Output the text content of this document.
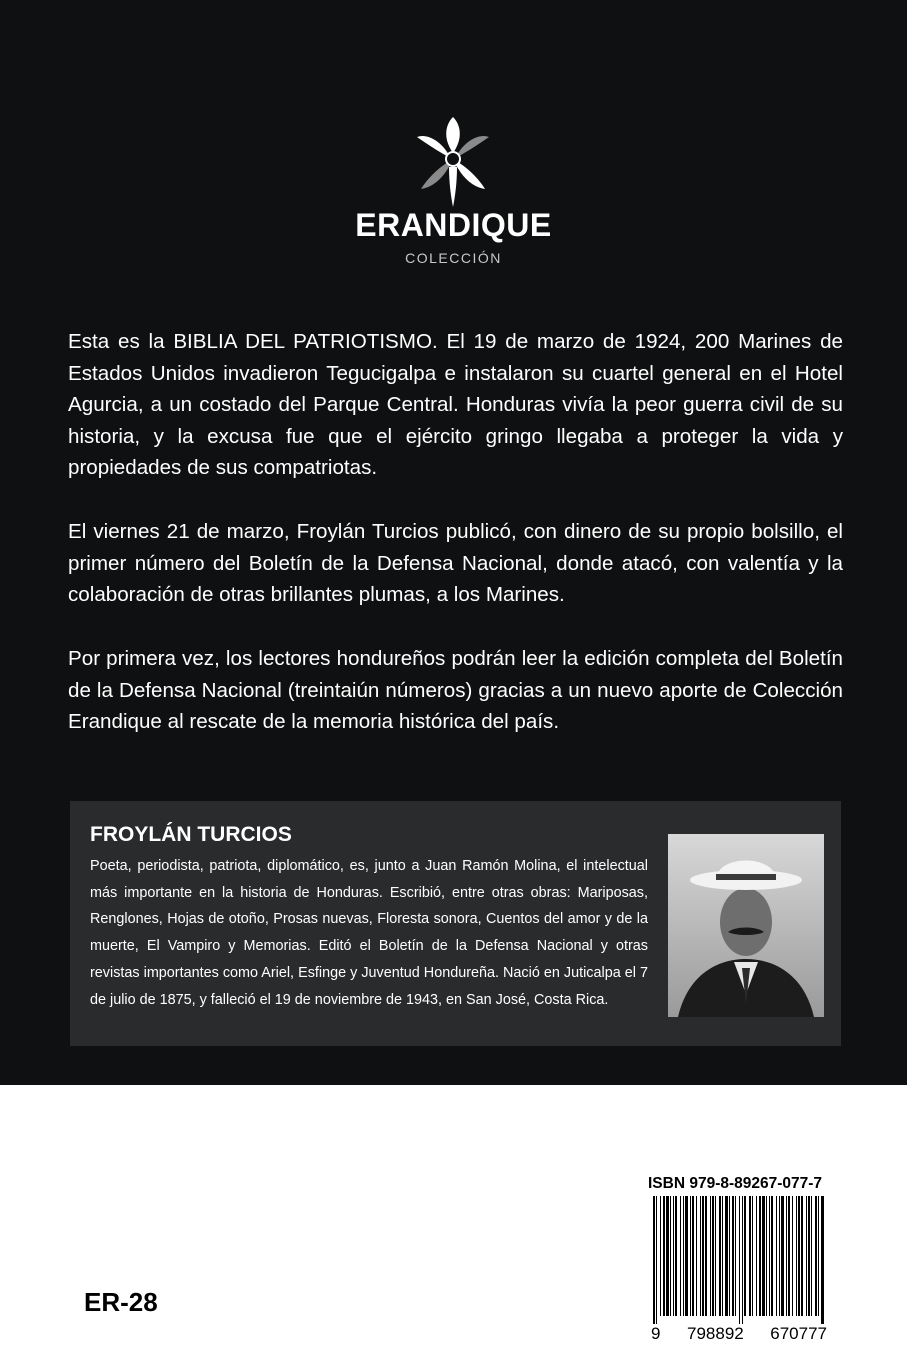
ERANDIQUE
COLECCIÓN

Esta es la BIBLIA DEL PATRIOTISMO. El 19 de marzo de 1924, 200 Marines de Estados Unidos invadieron Tegucigalpa e instalaron su cuartel general en el Hotel Agurcia, a un costado del Parque Central. Honduras vivía la peor guerra civil de su historia, y la excusa fue que el ejército gringo llegaba a proteger la vida y propiedades de sus compatriotas.

El viernes 21 de marzo, Froylán Turcios publicó, con dinero de su propio bolsillo, el primer número del Boletín de la Defensa Nacional, donde atacó, con valentía y la colaboración de otras brillantes plumas, a los Marines.

Por primera vez, los lectores hondureños podrán leer la edición completa del Boletín de la Defensa Nacional (treintaiún números) gracias a un nuevo aporte de Colección Erandique al rescate de la memoria histórica del país.

FROYLÁN TURCIOS

Poeta, periodista, patriota, diplomático, es, junto a Juan Ramón Molina, el intelectual más importante en la historia de Honduras. Escribió, entre otras obras: Mariposas, Renglones, Hojas de otoño, Prosas nuevas, Floresta sonora, Cuentos del amor y de la muerte, El Vampiro y Memorias. Editó el Boletín de la Defensa Nacional y otras revistas importantes como Ariel, Esfinge y Juventud Hondureña. Nació en Juticalpa el 7 de julio de 1875, y falleció el 19 de noviembre de 1943, en San José, Costa Rica.

ISBN 979-8-89267-077-7
9 798892 670777
ER-28
